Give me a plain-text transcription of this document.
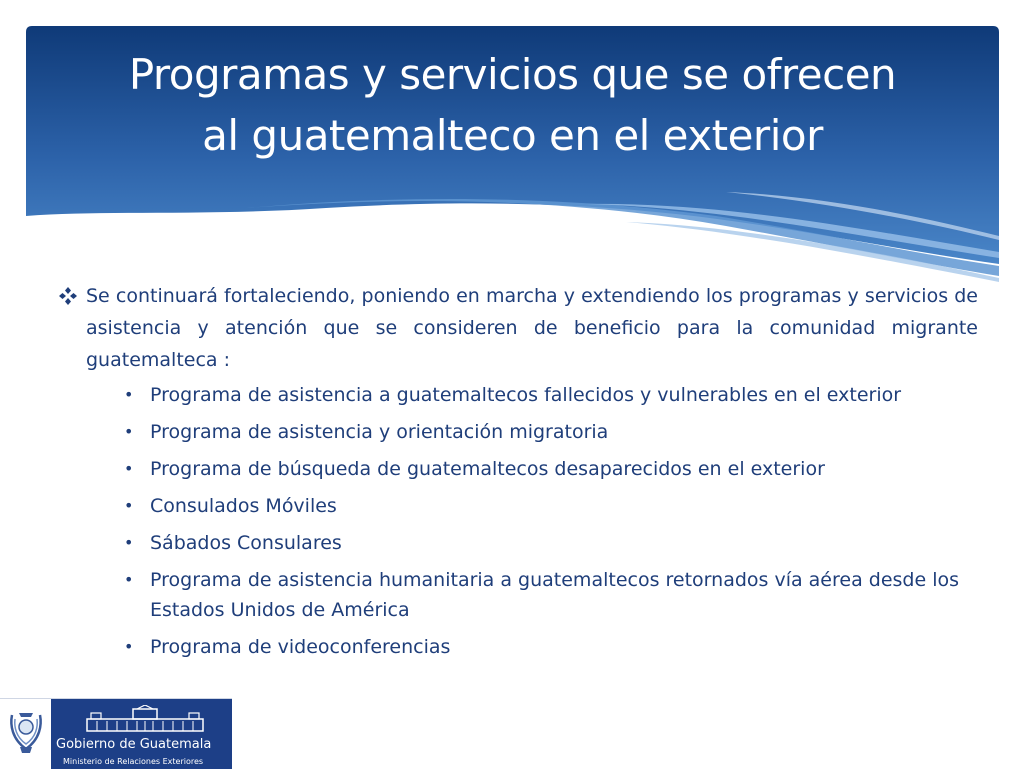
Programas y servicios que se ofrecen
al guatemalteco en el exterior

Se continuará fortaleciendo, poniendo en marcha y extendiendo los programas y servicios de asistencia y atención que se consideren de beneficio para la comunidad migrante guatemalteca :

• Programa de asistencia a guatemaltecos fallecidos y vulnerables en el exterior
• Programa de asistencia y orientación migratoria
• Programa de búsqueda de guatemaltecos desaparecidos en el exterior
• Consulados Móviles
• Sábados Consulares
• Programa de asistencia humanitaria a guatemaltecos retornados vía aérea desde los Estados Unidos de América
• Programa de videoconferencias
Gobierno de Guatemala
Ministerio de Relaciones Exteriores
